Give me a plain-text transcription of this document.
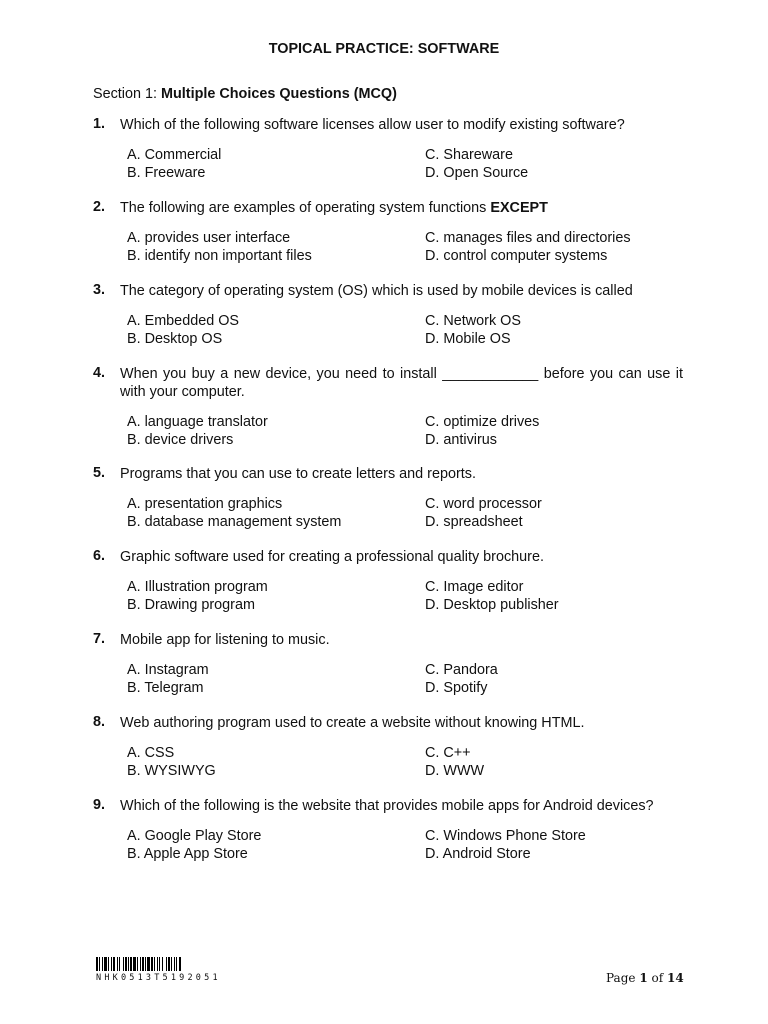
TOPICAL PRACTICE: SOFTWARE
Section 1: Multiple Choices Questions (MCQ)
1. Which of the following software licenses allow user to modify existing software?
A. Commercial
B. Freeware
C. Shareware
D. Open Source
2. The following are examples of operating system functions EXCEPT
A. provides user interface
B. identify non important files
C. manages files and directories
D. control computer systems
3. The category of operating system (OS) which is used by mobile devices is called
A. Embedded OS
B. Desktop OS
C. Network OS
D. Mobile OS
4. When you buy a new device, you need to install ____________ before you can use it with your computer.
A. language translator
B. device drivers
C. optimize drives
D. antivirus
5. Programs that you can use to create letters and reports.
A. presentation graphics
B. database management system
C. word processor
D. spreadsheet
6. Graphic software used for creating a professional quality brochure.
A. Illustration program
B. Drawing program
C. Image editor
D. Desktop publisher
7. Mobile app for listening to music.
A. Instagram
B. Telegram
C. Pandora
D. Spotify
8. Web authoring program used to create a website without knowing HTML.
A. CSS
B. WYSIWYG
C. C++
D. WWW
9. Which of the following is the website that provides mobile apps for Android devices?
A. Google Play Store
B. Apple App Store
C. Windows Phone Store
D. Android Store
NHK0513T5192051	Page 1 of 14
